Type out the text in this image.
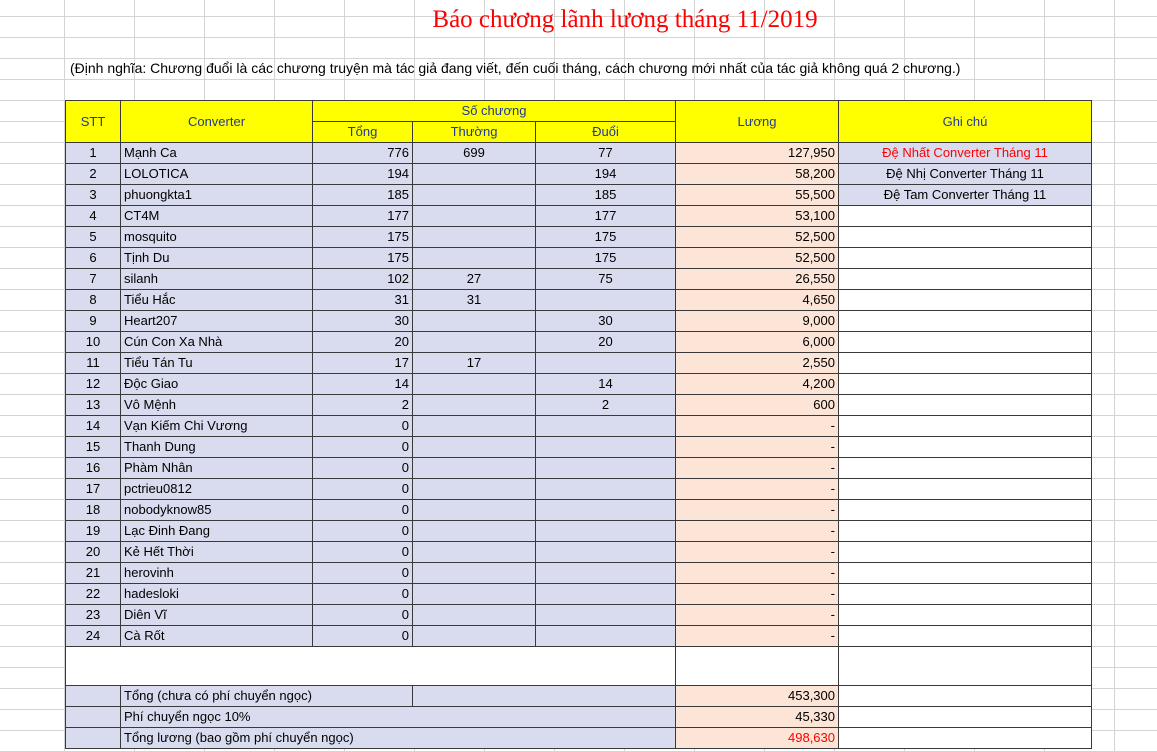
Báo chương lãnh lương tháng 11/2019
(Định nghĩa: Chương đuổi là các chương truyện mà tác giả đang viết, đến cuối tháng, cách chương mới nhất của tác giả không quá 2 chương.)
STT	Converter	Số chương			Lương	Ghi chú
		Tổng	Thường	Đuổi		
1	Mạnh Ca	776	699	77	127,950	Đệ Nhất Converter Tháng 11
2	LOLOTICA	194		194	58,200	Đệ Nhị Converter Tháng 11
3	phuongkta1	185		185	55,500	Đệ Tam Converter Tháng 11
4	CT4M	177		177	53,100	
5	mosquito	175		175	52,500	
6	Tịnh Du	175		175	52,500	
7	silanh	102	27	75	26,550	
8	Tiểu Hắc	31	31		4,650	
9	Heart207	30		30	9,000	
10	Cún Con Xa Nhà	20		20	6,000	
11	Tiểu Tán Tu	17	17		2,550	
12	Độc Giao	14		14	4,200	
13	Vô Mệnh	2		2	600	
14	Vạn Kiếm Chi Vương	0			-	
15	Thanh Dung	0			-	
16	Phàm Nhân	0			-	
17	pctrieu0812	0			-	
18	nobodyknow85	0			-	
19	Lạc Đinh Đang	0			-	
20	Kẻ Hết Thời	0			-	
21	herovinh	0			-	
22	hadesloki	0			-	
23	Diên Vĩ	0			-	
24	Cà Rốt	0			-	

	Tổng (chưa có phí chuyển ngọc)				453,300	
	Phí chuyển ngọc 10%				45,330	
	Tổng lương (bao gồm phí chuyển ngọc)				498,630	
